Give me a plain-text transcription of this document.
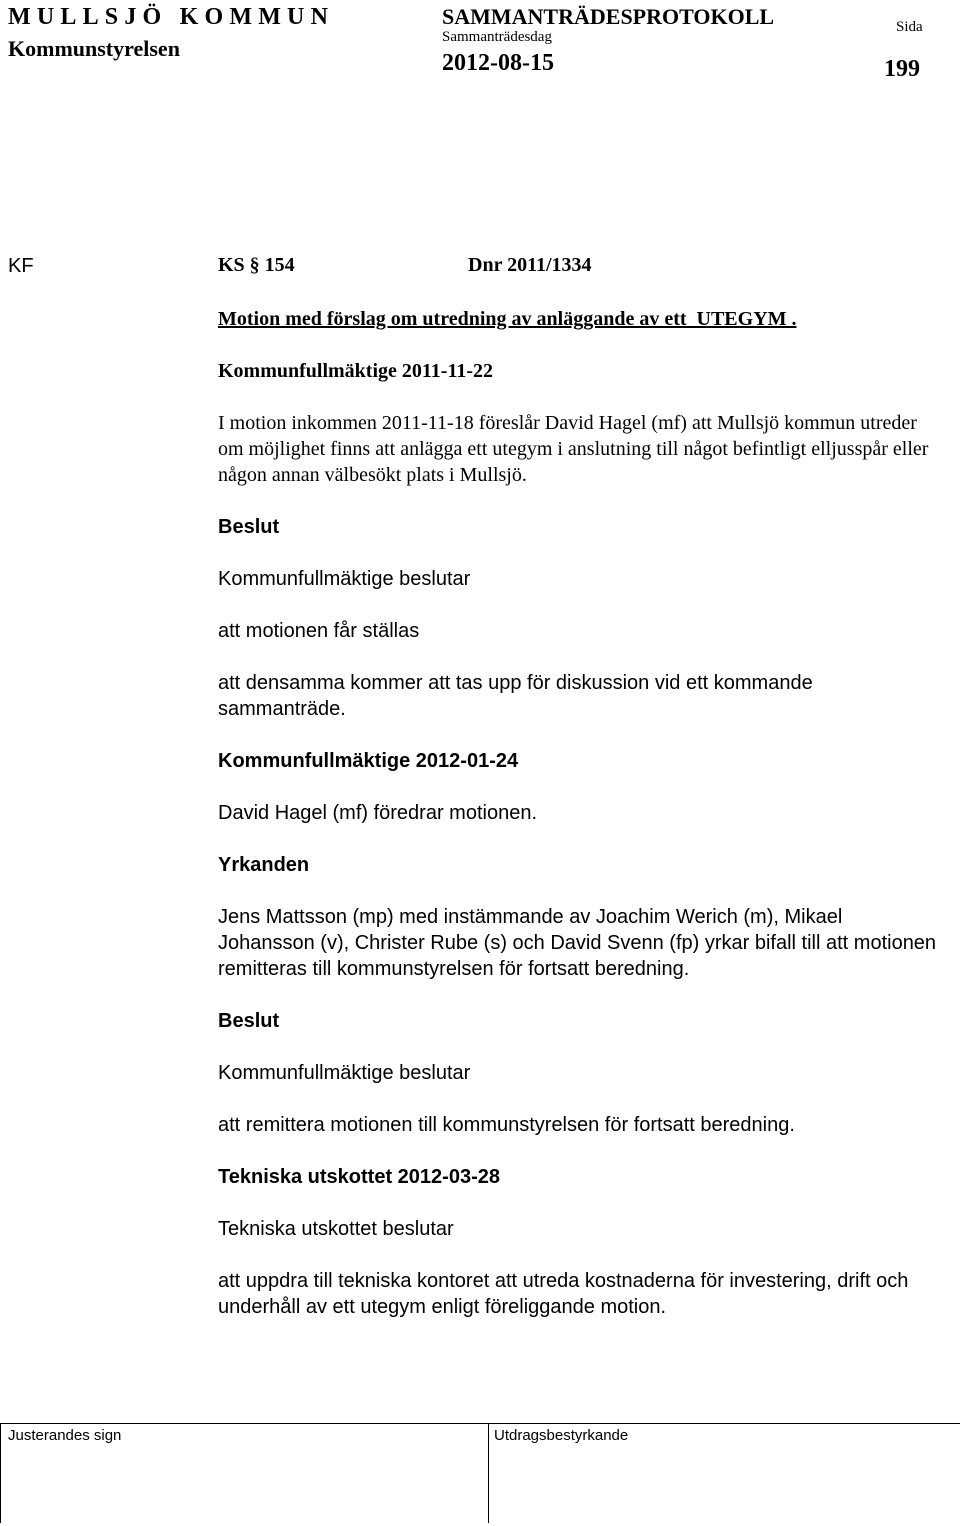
MULLSJÖ KOMMUN
Kommunstyrelsen
SAMMANTRÄDESPROTOKOLL
Sammanträdesdag
2012-08-15
Sida
199
KF	KS § 154	Dnr 2011/1334

Motion med förslag om utredning av anläggande av ett  UTEGYM .

Kommunfullmäktige 2011-11-22

I motion inkommen 2011-11-18 föreslår David Hagel (mf) att Mullsjö kommun utreder om möjlighet finns att anlägga ett utegym i anslutning till något befintligt elljusspår eller någon annan välbesökt plats i Mullsjö.

Beslut

Kommunfullmäktige beslutar

att motionen får ställas

att densamma kommer att tas upp för diskussion vid ett kommande sammanträde.

Kommunfullmäktige 2012-01-24

David Hagel (mf) föredrar motionen.

Yrkanden

Jens Mattsson (mp) med instämmande av Joachim Werich (m), Mikael Johansson (v), Christer Rube (s) och David Svenn (fp) yrkar bifall till att motionen remitteras till kommunstyrelsen för fortsatt beredning.

Beslut

Kommunfullmäktige beslutar

att remittera motionen till kommunstyrelsen för fortsatt beredning.

Tekniska utskottet 2012-03-28

Tekniska utskottet beslutar

att uppdra till tekniska kontoret att utreda kostnaderna för investering, drift och underhåll av ett utegym enligt föreliggande motion.

Justerandes sign	Utdragsbestyrkande
